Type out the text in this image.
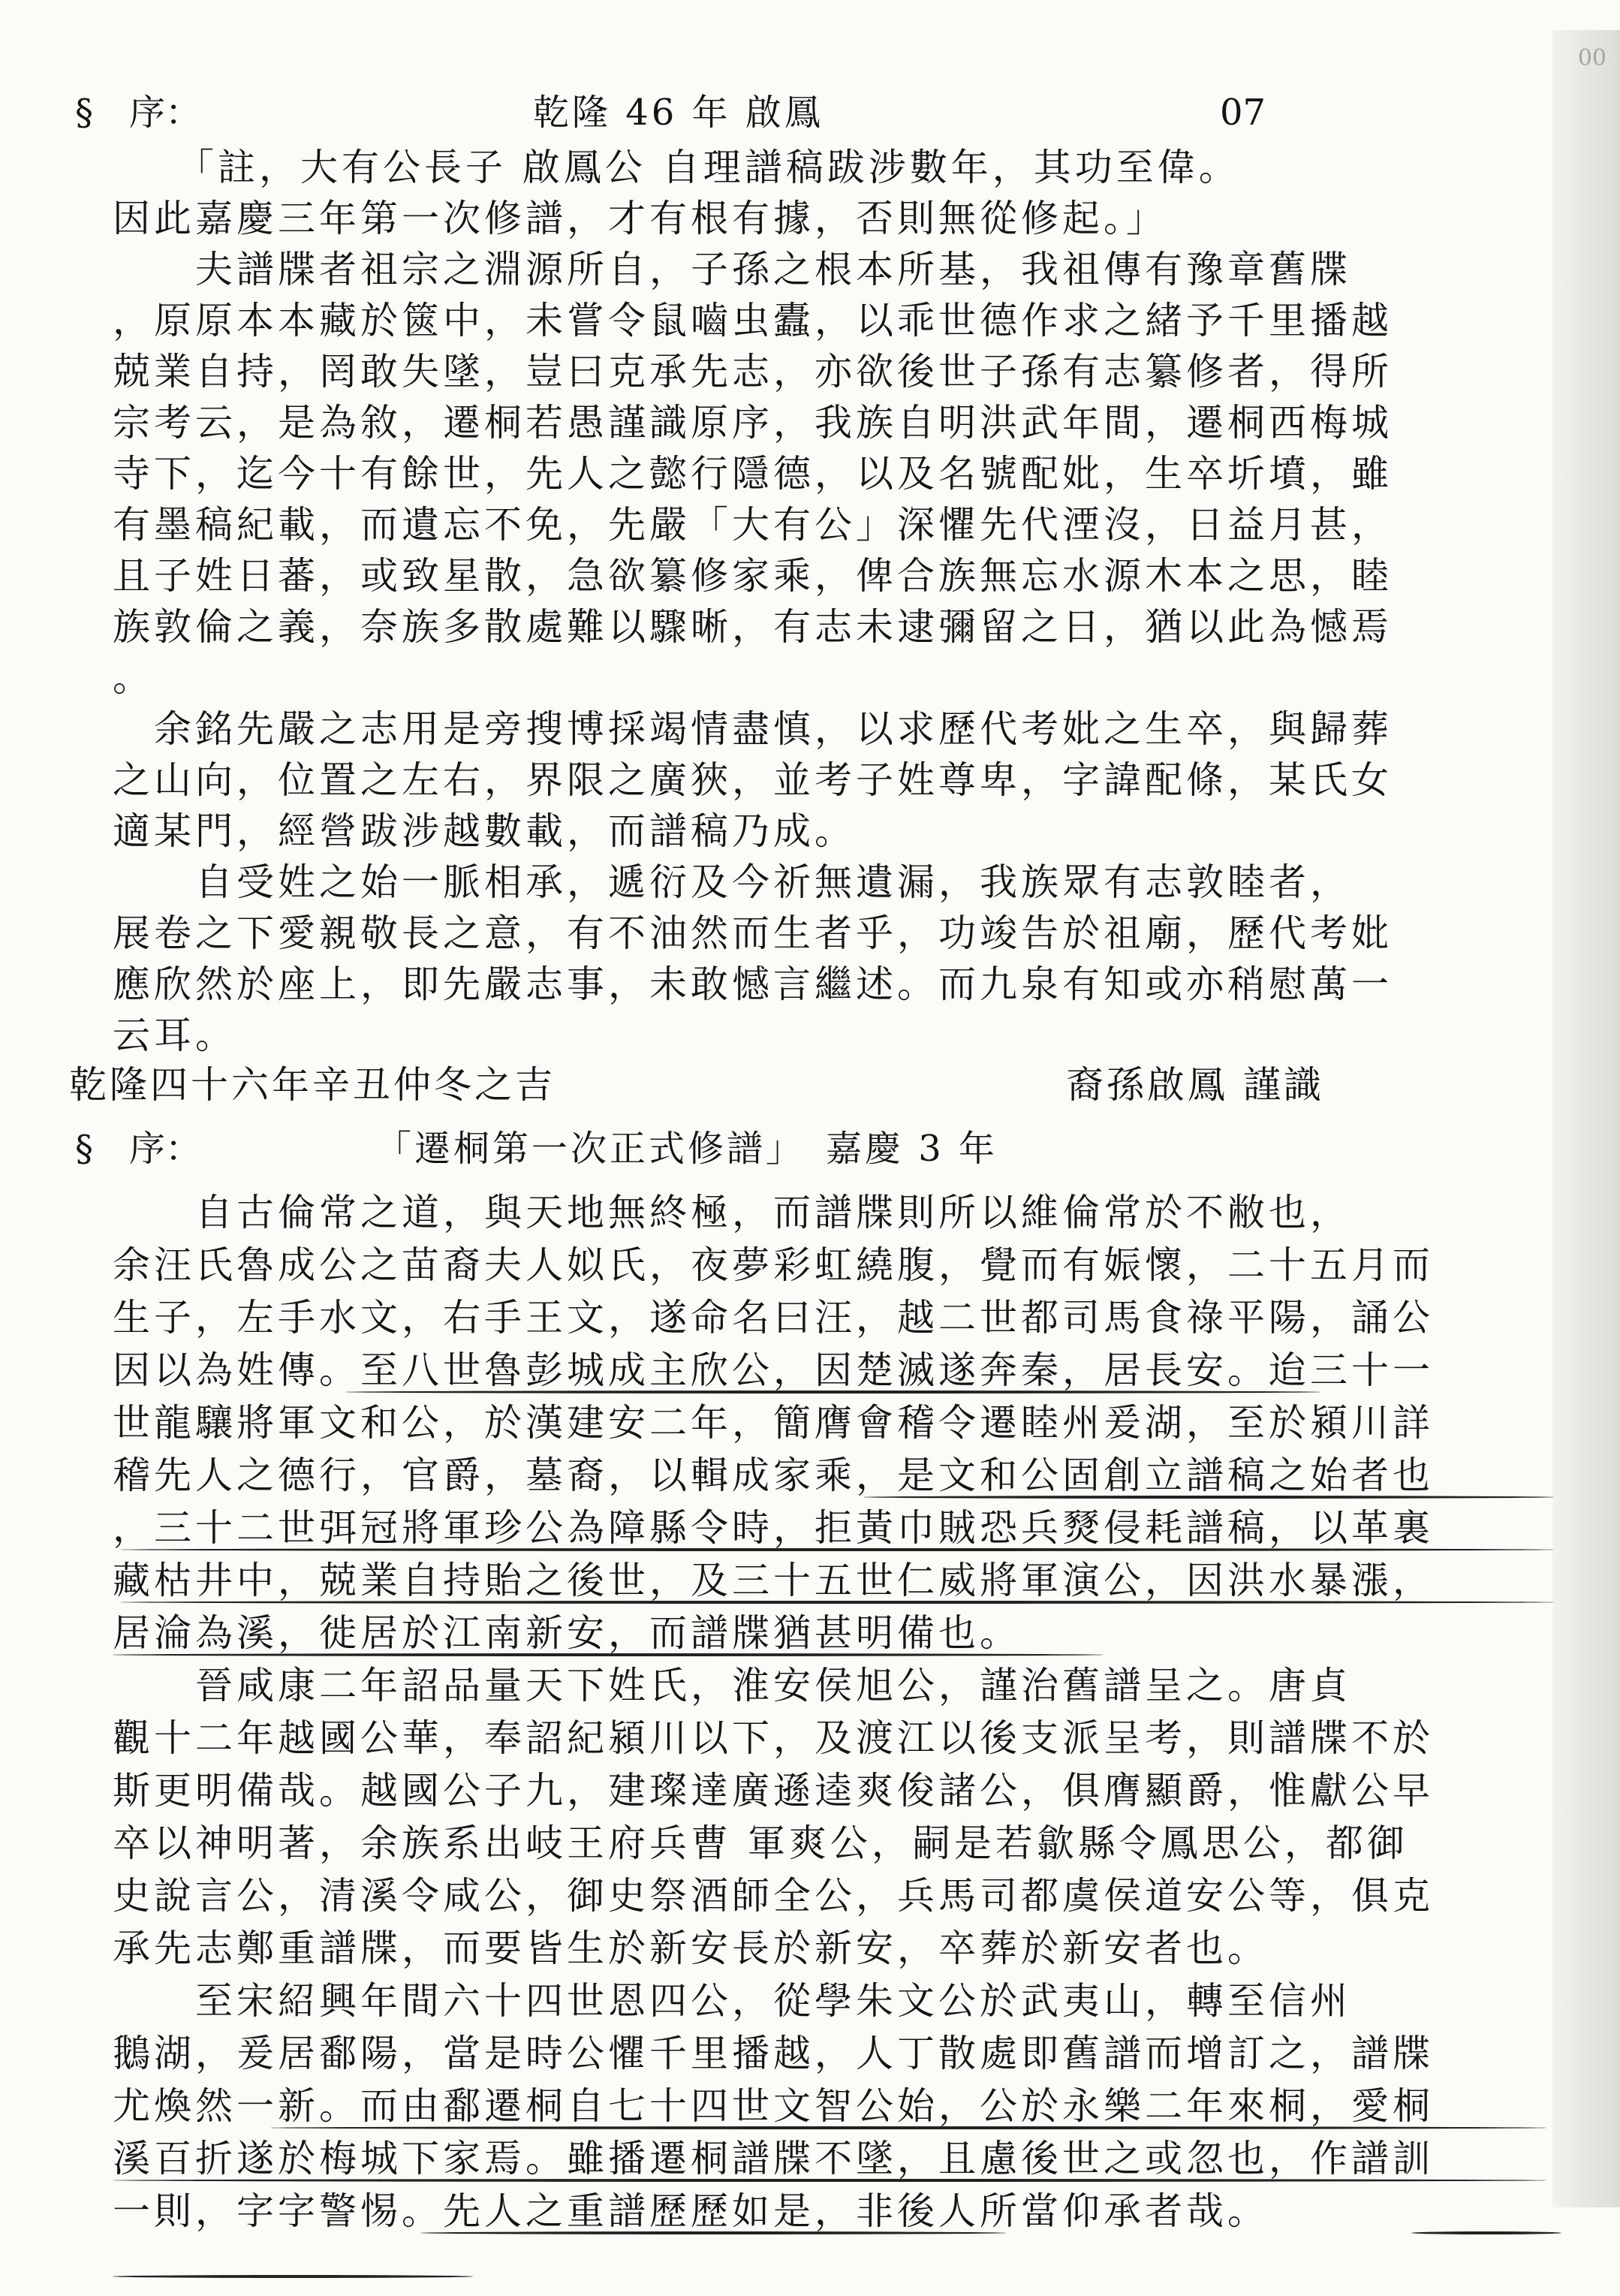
00
§　序：	乾隆 46 年 啟鳳	07
　　「註，大有公長子 啟鳳公 自理譜稿跋涉數年，其功至偉。
因此嘉慶三年第一次修譜，才有根有據，否則無從修起。」
　　夫譜牒者祖宗之淵源所自，子孫之根本所基，我祖傳有豫章舊牒
，原原本本藏於篋中，未嘗令鼠嚙虫蠹，以乖世德作求之緒予千里播越
兢業自持，罔敢失墜，豈曰克承先志，亦欲後世子孫有志纂修者，得所
宗考云，是為敘，遷桐若愚謹識原序，我族自明洪武年間，遷桐西梅城
寺下，迄今十有餘世，先人之懿行隱德，以及名號配妣，生卒圻墳，雖
有墨稿紀載，而遺忘不免，先嚴「大有公」深懼先代湮沒，日益月甚，
且子姓日蕃，或致星散，急欲纂修家乘，俾合族無忘水源木本之思，睦
族敦倫之義，奈族多散處難以驟晰，有志未逮彌留之日，猶以此為憾焉
。
　余銘先嚴之志用是旁搜博採竭情盡慎，以求歷代考妣之生卒，與歸葬
之山向，位置之左右，界限之廣狹，並考子姓尊卑，字諱配條，某氏女
適某門，經營跋涉越數載，而譜稿乃成。
　　自受姓之始一脈相承，遞衍及今祈無遺漏，我族眾有志敦睦者，
展卷之下愛親敬長之意，有不油然而生者乎，功竣告於祖廟，歷代考妣
應欣然於座上，即先嚴志事，未敢憾言繼述。而九泉有知或亦稍慰萬一
云耳。
乾隆四十六年辛丑仲冬之吉	裔孫啟鳳 謹識
§　序：	「遷桐第一次正式修譜」　嘉慶 3 年
　　自古倫常之道，與天地無終極，而譜牒則所以維倫常於不敝也，
余汪氏魯成公之苗裔夫人姒氏，夜夢彩虹繞腹，覺而有娠懷，二十五月而
生子，左手水文，右手王文，遂命名曰汪，越二世都司馬食祿平陽，誦公
因以為姓傳。至八世魯彭城成主欣公，因楚滅遂奔秦，居長安。迨三十一
世龍驤將軍文和公，於漢建安二年，簡膺會稽令遷睦州爰湖，至於潁川詳
稽先人之德行，官爵，墓裔，以輯成家乘，是文和公固創立譜稿之始者也
，三十二世弭冠將軍珍公為障縣令時，拒黃巾賊恐兵燹侵耗譜稿，以革裏
藏枯井中，兢業自持貽之後世，及三十五世仁威將軍演公，因洪水暴漲，
居淪為溪，徙居於江南新安，而譜牒猶甚明備也。
　　晉咸康二年詔品量天下姓氏，淮安侯旭公，謹治舊譜呈之。唐貞
觀十二年越國公華，奉詔紀潁川以下，及渡江以後支派呈考，則譜牒不於
斯更明備哉。越國公子九，建璨達廣遜逵爽俊諸公，俱膺顯爵，惟獻公早
卒以神明著，余族系出岐王府兵曹 軍爽公，嗣是若歙縣令鳳思公，都御
史說言公，清溪令咸公，御史祭酒師全公，兵馬司都虞侯道安公等，俱克
承先志鄭重譜牒，而要皆生於新安長於新安，卒葬於新安者也。
　　至宋紹興年間六十四世恩四公，從學朱文公於武夷山，轉至信州
鵝湖，爰居鄱陽，當是時公懼千里播越，人丁散處即舊譜而增訂之，譜牒
尤煥然一新。而由鄱遷桐自七十四世文智公始，公於永樂二年來桐，愛桐
溪百折遂於梅城下家焉。雖播遷桐譜牒不墜，且慮後世之或忽也，作譜訓
一則，字字警惕。先人之重譜歷歷如是，非後人所當仰承者哉。
